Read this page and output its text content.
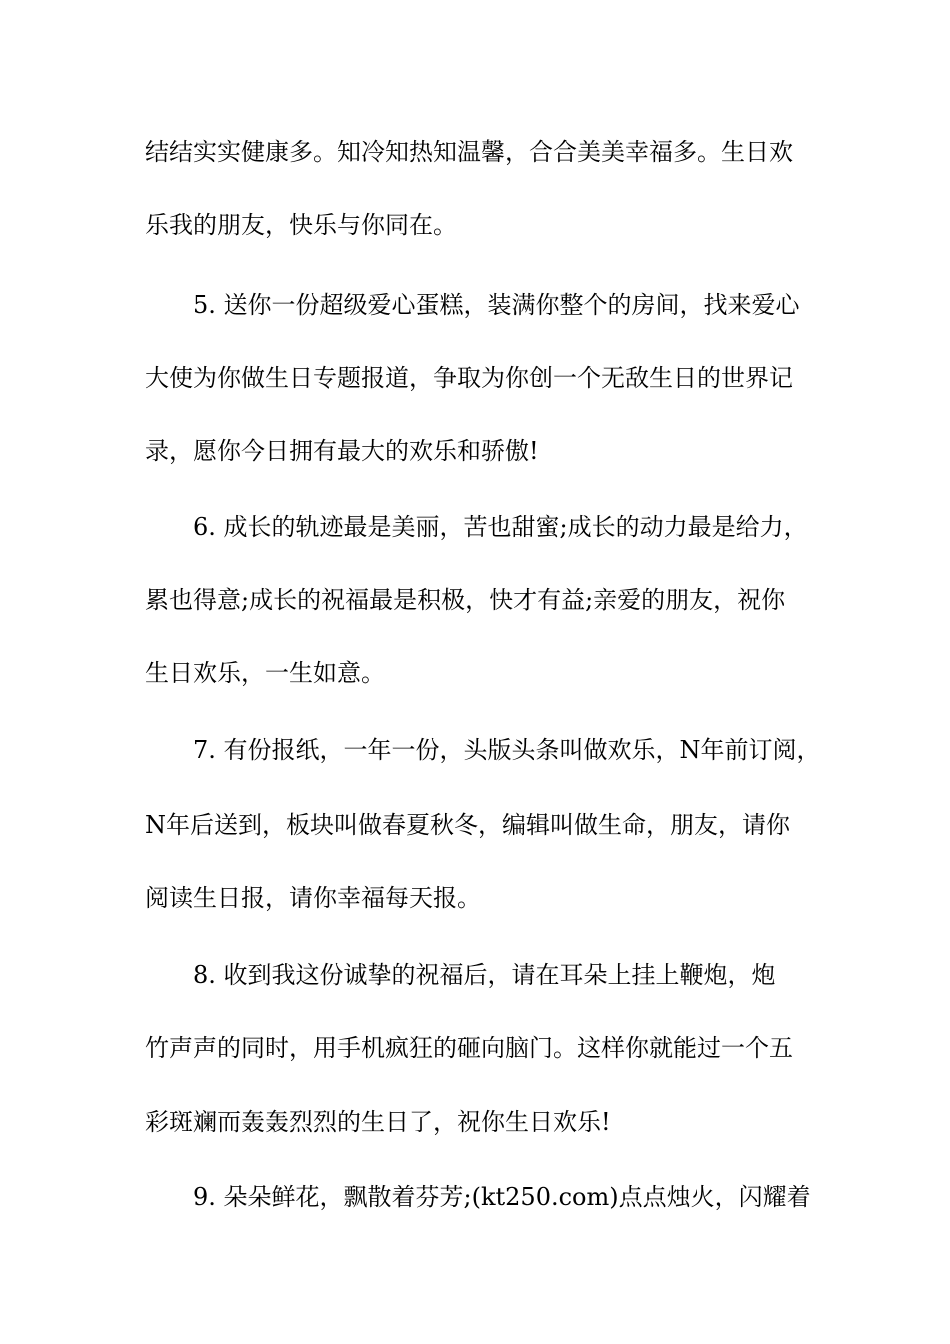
结结实实健康多。知冷知热知温馨，合合美美幸福多。生日欢
乐我的朋友，快乐与你同在。
　　5. 送你一份超级爱心蛋糕，装满你整个的房间，找来爱心
大使为你做生日专题报道，争取为你创一个无敌生日的世界记
录，愿你今日拥有最大的欢乐和骄傲!
　　6. 成长的轨迹最是美丽，苦也甜蜜;成长的动力最是给力，
累也得意;成长的祝福最是积极，快才有益;亲爱的朋友，祝你
生日欢乐，一生如意。
　　7. 有份报纸，一年一份，头版头条叫做欢乐，N年前订阅，
N年后送到，板块叫做春夏秋冬，编辑叫做生命，朋友，请你
阅读生日报，请你幸福每天报。
　　8. 收到我这份诚挚的祝福后，请在耳朵上挂上鞭炮，炮
竹声声的同时，用手机疯狂的砸向脑门。这样你就能过一个五
彩斑斓而轰轰烈烈的生日了，祝你生日欢乐!
　　9. 朵朵鲜花，飘散着芬芳;(kt250.com)点点烛火，闪耀着
